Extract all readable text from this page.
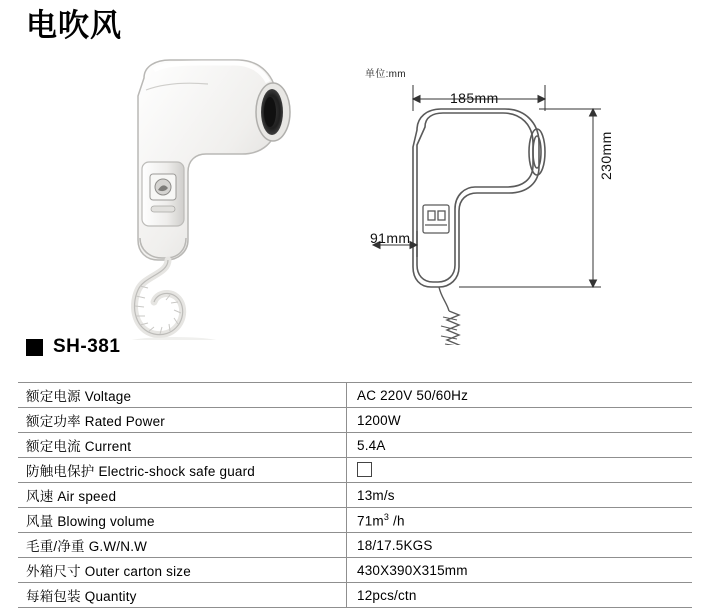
电吹风
单位:mm
185mm
91mm
230mm
SH-381
额定电源 Voltage	AC 220V 50/60Hz
额定功率 Rated Power	1200W
额定电流 Current	5.4A
防触电保护 Electric-shock safe guard	
风速 Air speed	13m/s
风量 Blowing volume	$71m^3$ /h
毛重/净重 G.W/N.W	18/17.5KGS
外箱尺寸 Outer carton size	430X390X315mm
每箱包装 Quantity	12pcs/ctn
